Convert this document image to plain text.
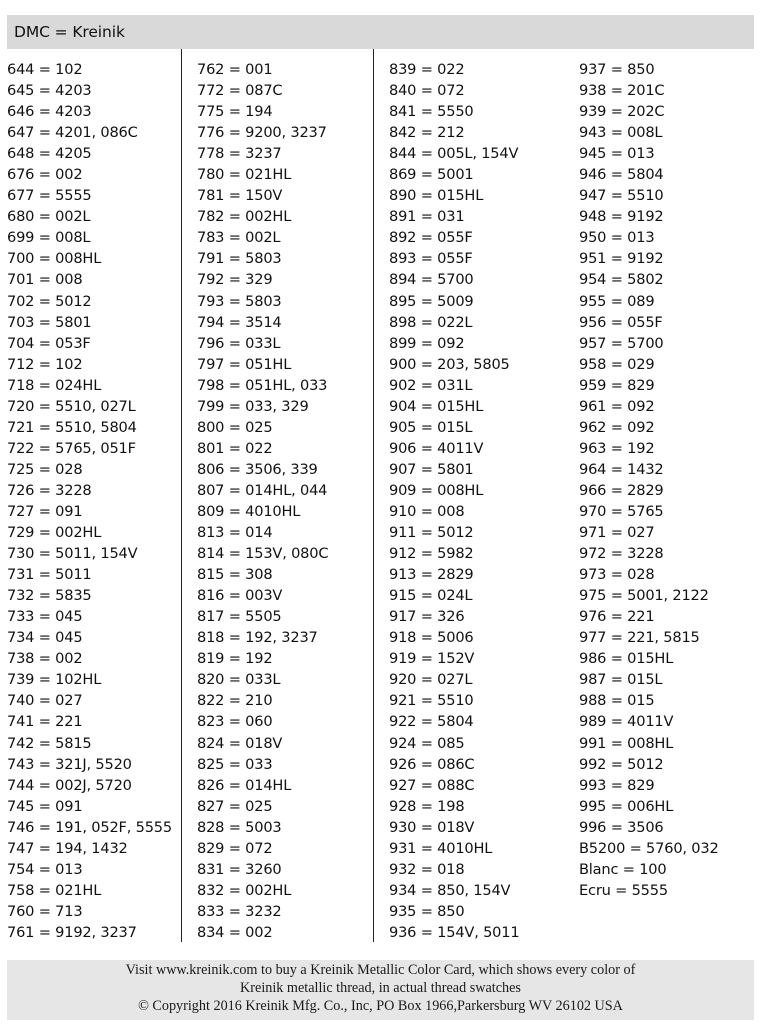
DMC = Kreinik
644 = 102
645 = 4203
646 = 4203
647 = 4201, 086C
648 = 4205
676 = 002
677 = 5555
680 = 002L
699 = 008L
700 = 008HL
701 = 008
702 = 5012
703 = 5801
704 = 053F
712 = 102
718 = 024HL
720 = 5510, 027L
721 = 5510, 5804
722 = 5765, 051F
725 = 028
726 = 3228
727 = 091
729 = 002HL
730 = 5011, 154V
731 = 5011
732 = 5835
733 = 045
734 = 045
738 = 002
739 = 102HL
740 = 027
741 = 221
742 = 5815
743 = 321J, 5520
744 = 002J, 5720
745 = 091
746 = 191, 052F, 5555
747 = 194, 1432
754 = 013
758 = 021HL
760 = 713
761 = 9192, 3237
762 = 001
772 = 087C
775 = 194
776 = 9200, 3237
778 = 3237
780 = 021HL
781 = 150V
782 = 002HL
783 = 002L
791 = 5803
792 = 329
793 = 5803
794 = 3514
796 = 033L
797 = 051HL
798 = 051HL, 033
799 = 033, 329
800 = 025
801 = 022
806 = 3506, 339
807 = 014HL, 044
809 = 4010HL
813 = 014
814 = 153V, 080C
815 = 308
816 = 003V
817 = 5505
818 = 192, 3237
819 = 192
820 = 033L
822 = 210
823 = 060
824 = 018V
825 = 033
826 = 014HL
827 = 025
828 = 5003
829 = 072
831 = 3260
832 = 002HL
833 = 3232
834 = 002
839 = 022
840 = 072
841 = 5550
842 = 212
844 = 005L, 154V
869 = 5001
890 = 015HL
891 = 031
892 = 055F
893 = 055F
894 = 5700
895 = 5009
898 = 022L
899 = 092
900 = 203, 5805
902 = 031L
904 = 015HL
905 = 015L
906 = 4011V
907 = 5801
909 = 008HL
910 = 008
911 = 5012
912 = 5982
913 = 2829
915 = 024L
917 = 326
918 = 5006
919 = 152V
920 = 027L
921 = 5510
922 = 5804
924 = 085
926 = 086C
927 = 088C
928 = 198
930 = 018V
931 = 4010HL
932 = 018
934 = 850, 154V
935 = 850
936 = 154V, 5011
937 = 850
938 = 201C
939 = 202C
943 = 008L
945 = 013
946 = 5804
947 = 5510
948 = 9192
950 = 013
951 = 9192
954 = 5802
955 = 089
956 = 055F
957 = 5700
958 = 029
959 = 829
961 = 092
962 = 092
963 = 192
964 = 1432
966 = 2829
970 = 5765
971 = 027
972 = 3228
973 = 028
975 = 5001, 2122
976 = 221
977 = 221, 5815
986 = 015HL
987 = 015L
988 = 015
989 = 4011V
991 = 008HL
992 = 5012
993 = 829
995 = 006HL
996 = 3506
B5200 = 5760, 032
Blanc = 100
Ecru = 5555
Visit www.kreinik.com to buy a Kreinik Metallic Color Card, which shows every color of
Kreinik metallic thread, in actual thread swatches
© Copyright 2016 Kreinik Mfg. Co., Inc, PO Box 1966,Parkersburg WV 26102 USA
